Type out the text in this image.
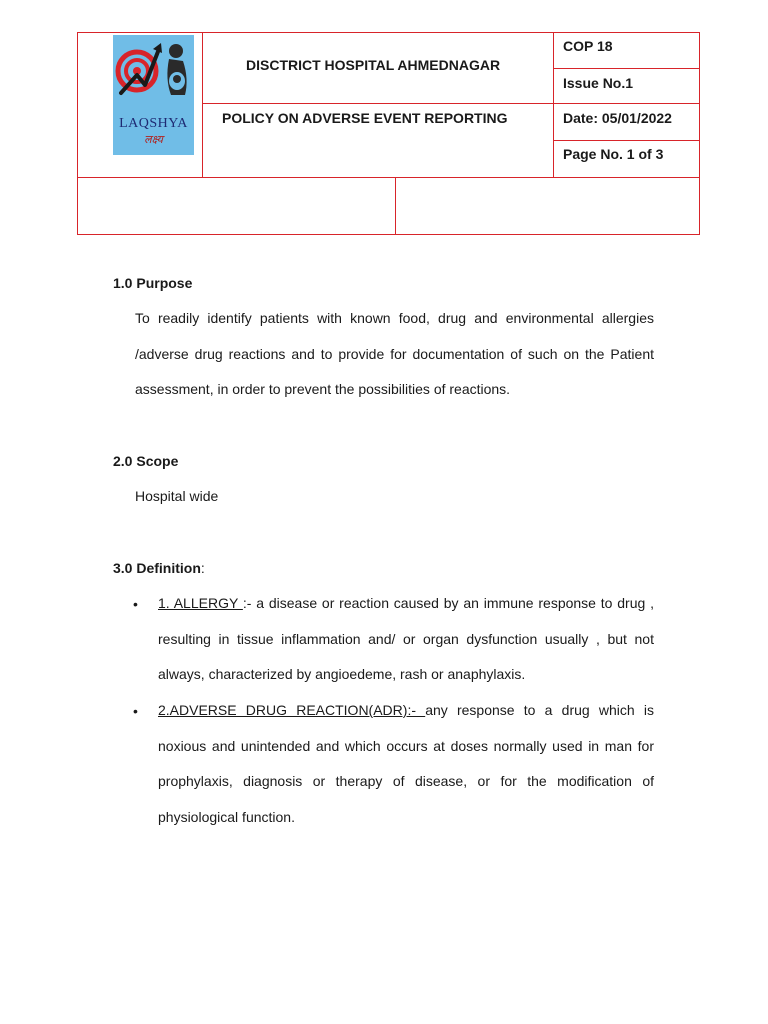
LAQSHYA
लक्ष्य
DISCTRICT HOSPITAL AHMEDNAGAR
POLICY ON ADVERSE EVENT REPORTING
COP 18
Issue No.1
Date: 05/01/2022
Page No. 1 of 3
1.0 Purpose
To readily identify patients with known food, drug and environmental allergies /adverse drug reactions and to provide for documentation of such on the Patient assessment, in order to prevent the possibilities of reactions.
2.0 Scope
Hospital wide
3.0 Definition:
• 1. ALLERGY :- a disease or reaction caused by an immune response to drug , resulting in tissue inflammation and/ or organ dysfunction usually , but not always, characterized by angioedeme, rash or anaphylaxis.
• 2.ADVERSE DRUG REACTION(ADR):- any response to a drug which is noxious and unintended and which occurs at doses normally used in man for prophylaxis, diagnosis or therapy of disease, or for the modification of physiological function.
